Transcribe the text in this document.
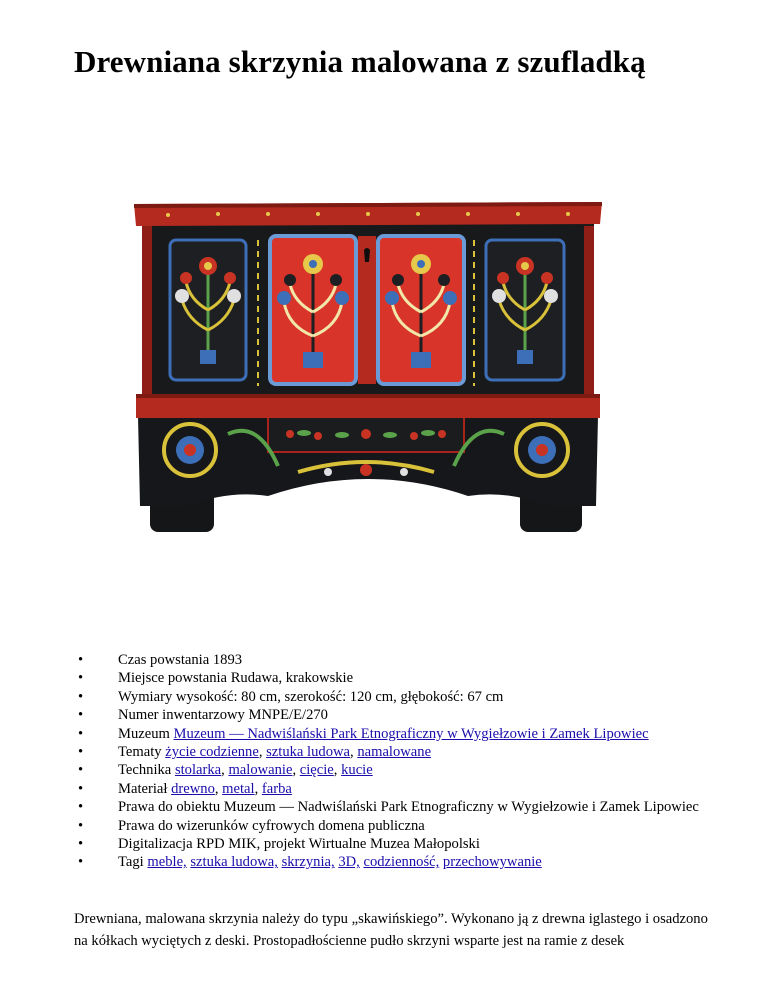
Drewniana skrzynia malowana z szufladką
• Czas powstania 1893
• Miejsce powstania Rudawa, krakowskie
• Wymiary wysokość: 80 cm, szerokość: 120 cm, głębokość: 67 cm
• Numer inwentarzowy MNPE/E/270
• Muzeum Muzeum — Nadwiślański Park Etnograficzny w Wygiełzowie i Zamek Lipowiec
• Tematy życie codzienne, sztuka ludowa, namalowane
• Technika stolarka, malowanie, cięcie, kucie
• Materiał drewno, metal, farba
• Prawa do obiektu Muzeum — Nadwiślański Park Etnograficzny w Wygiełzowie i Zamek Lipowiec
• Prawa do wizerunków cyfrowych domena publiczna
• Digitalizacja RPD MIK, projekt Wirtualne Muzea Małopolski
• Tagi meble, sztuka ludowa, skrzynia, 3D, codzienność, przechowywanie

Drewniana, malowana skrzynia należy do typu „skawińskiego”. Wykonano ją z drewna iglastego i osadzono na kółkach wyciętych z deski. Prostopadłościenne pudło skrzyni wsparte jest na ramie z desek
